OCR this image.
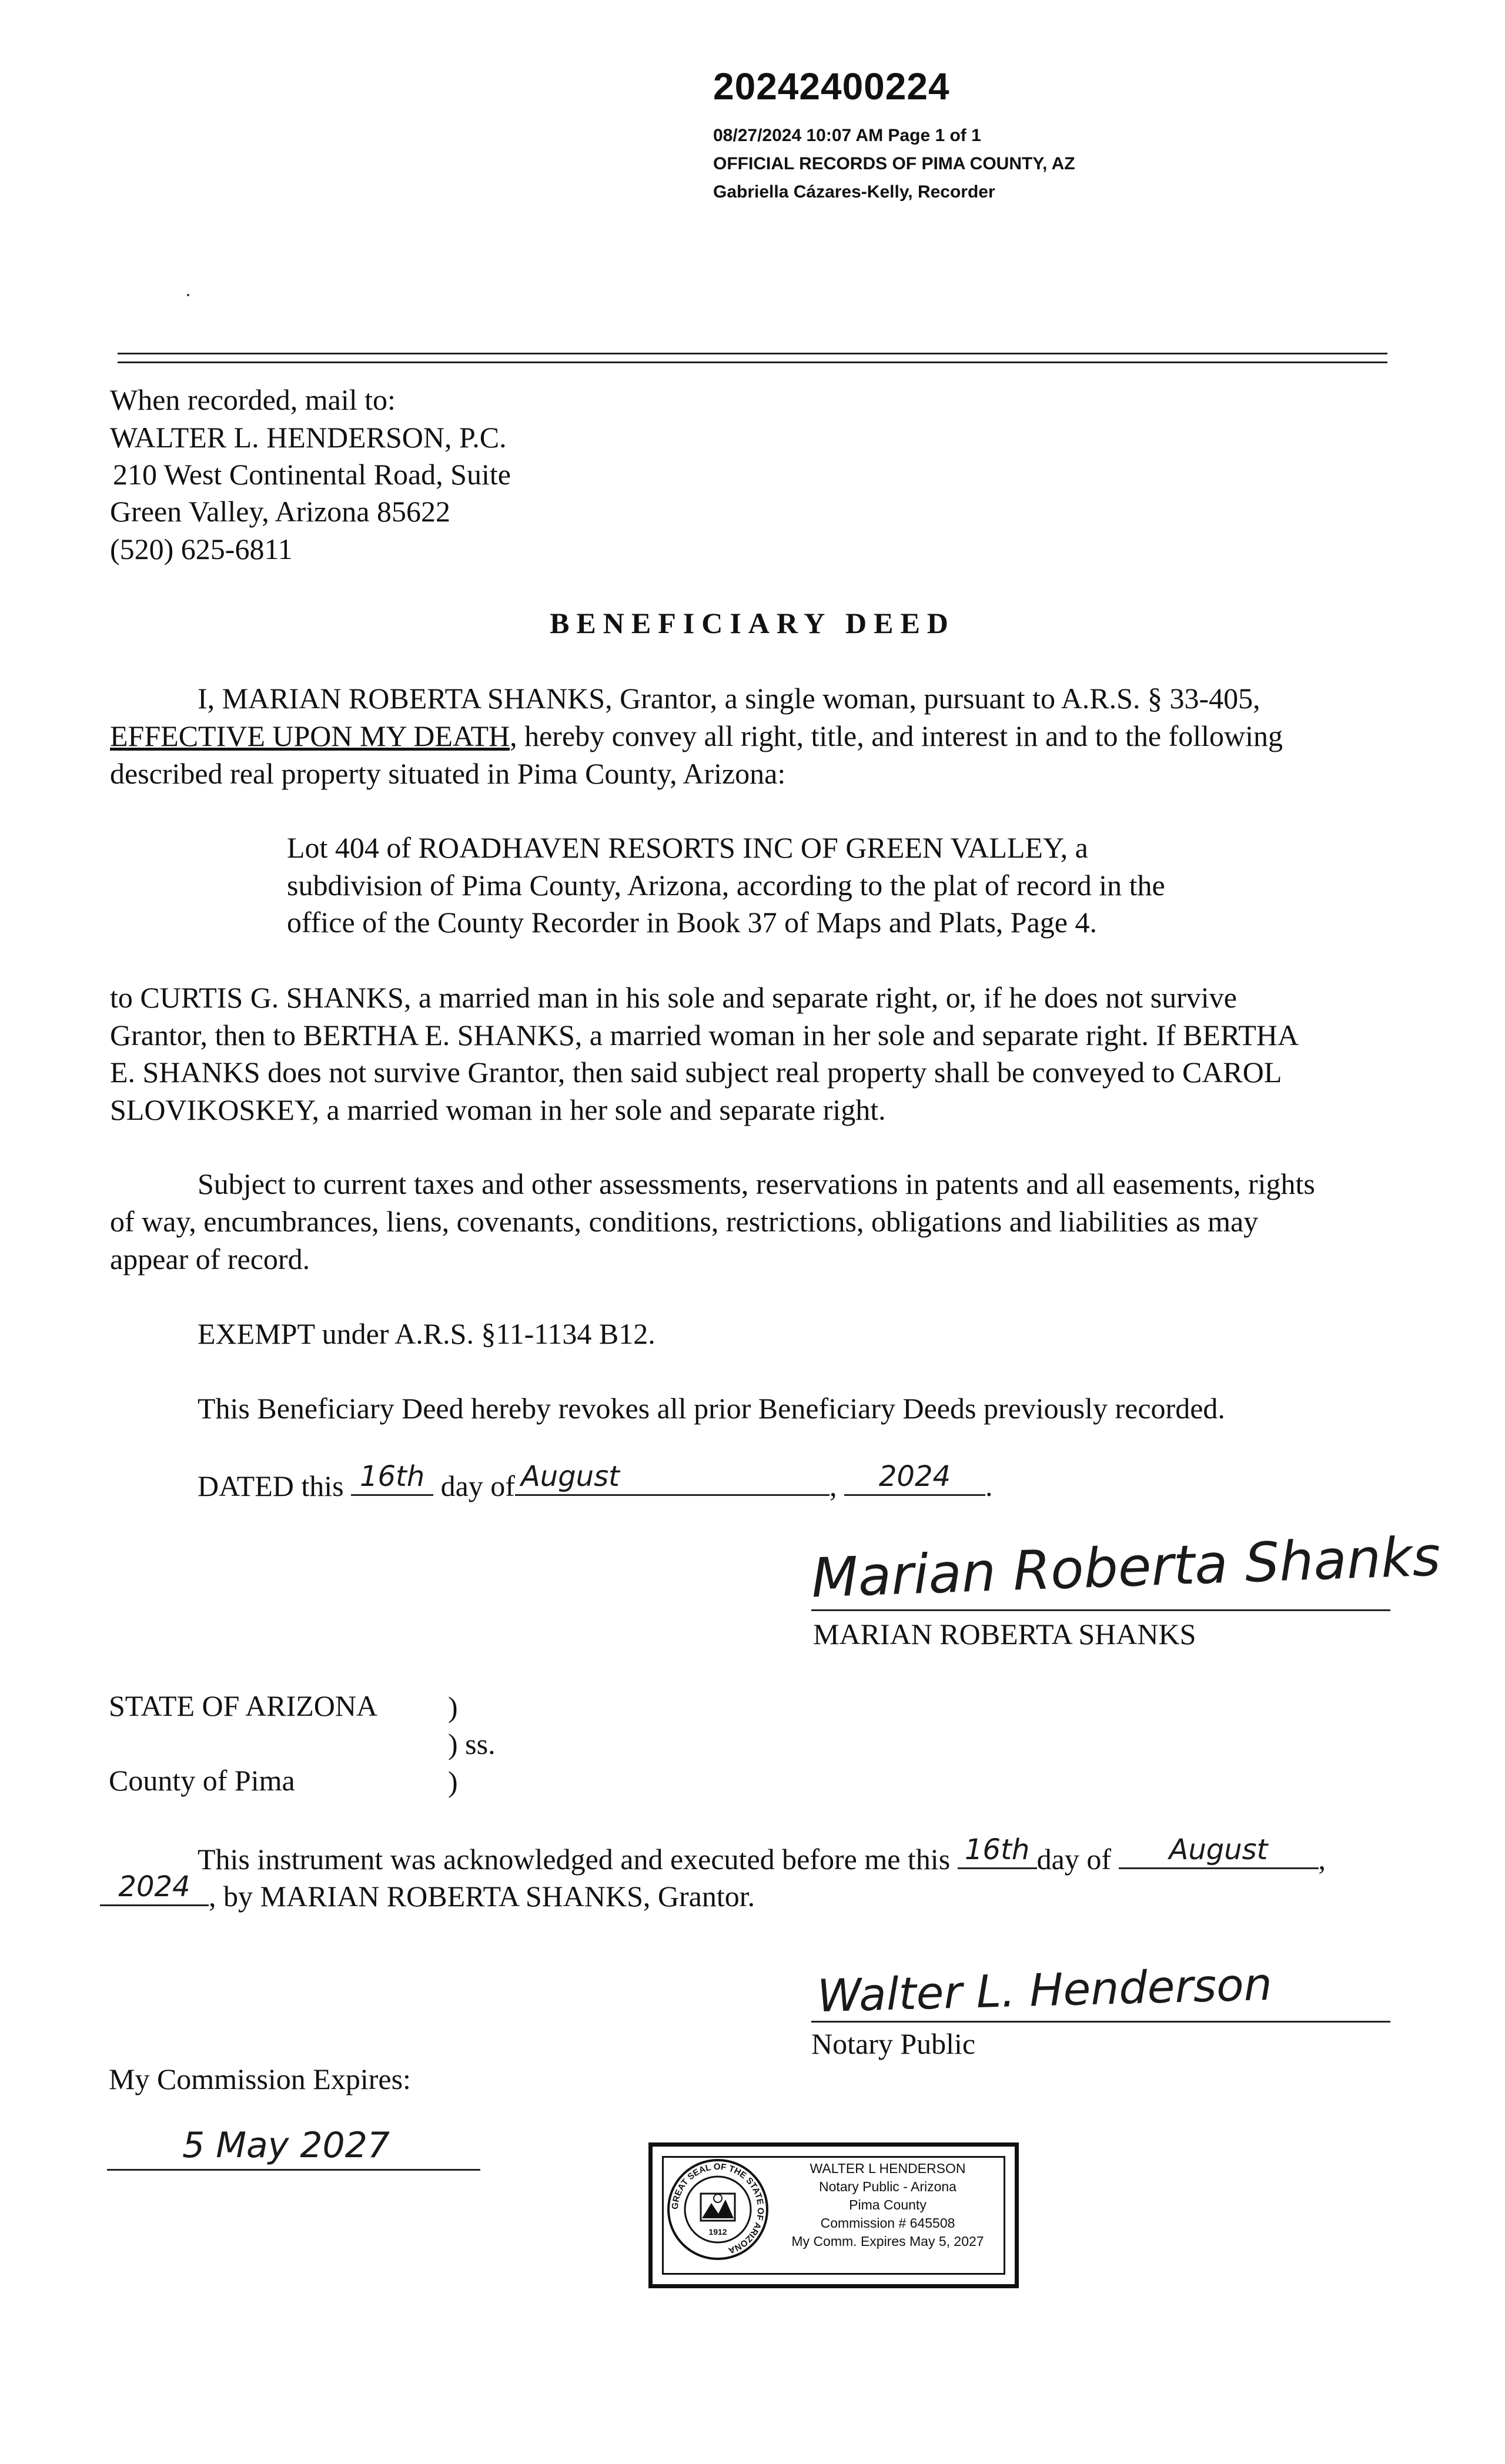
20242400224
08/27/2024 10:07 AM Page 1 of 1
OFFICIAL RECORDS OF PIMA COUNTY, AZ
Gabriella Cázares-Kelly, Recorder
When recorded, mail to:
WALTER L. HENDERSON, P.C.
210 West Continental Road, Suite
Green Valley, Arizona 85622
(520) 625-6811
BENEFICIARY DEED
I, MARIAN ROBERTA SHANKS, Grantor, a single woman, pursuant to A.R.S. § 33-405,
EFFECTIVE UPON MY DEATH, hereby convey all right, title, and interest in and to the following
described real property situated in Pima County, Arizona:
Lot 404 of ROADHAVEN RESORTS INC OF GREEN VALLEY, a
subdivision of Pima County, Arizona, according to the plat of record in the
office of the County Recorder in Book 37 of Maps and Plats, Page 4.
to CURTIS G. SHANKS, a married man in his sole and separate right, or, if he does not survive
Grantor, then to BERTHA E. SHANKS, a married woman in her sole and separate right. If BERTHA
E. SHANKS does not survive Grantor, then said subject real property shall be conveyed to CAROL
SLOVIKOSKEY, a married woman in her sole and separate right.
Subject to current taxes and other assessments, reservations in patents and all easements, rights
of way, encumbrances, liens, covenants, conditions, restrictions, obligations and liabilities as may
appear of record.
EXEMPT under A.R.S. §11-1134 B12.
This Beneficiary Deed hereby revokes all prior Beneficiary Deeds previously recorded.
DATED this 16th day of August	,	2024	.
Marian Roberta Shanks
MARIAN ROBERTA SHANKS
STATE OF ARIZONA )
) ss.
County of Pima	)
This instrument was acknowledged and executed before me this 16th day of	August	,
2024 , by MARIAN ROBERTA SHANKS, Grantor.
Walter L. Henderson
Notary Public
My Commission Expires:
5 May 2027
GREAT SEAL OF THE STATE OF ARIZONA
1912
WALTER L HENDERSON
Notary Public - Arizona
Pima County
Commission # 645508
My Comm. Expires May 5, 2027
